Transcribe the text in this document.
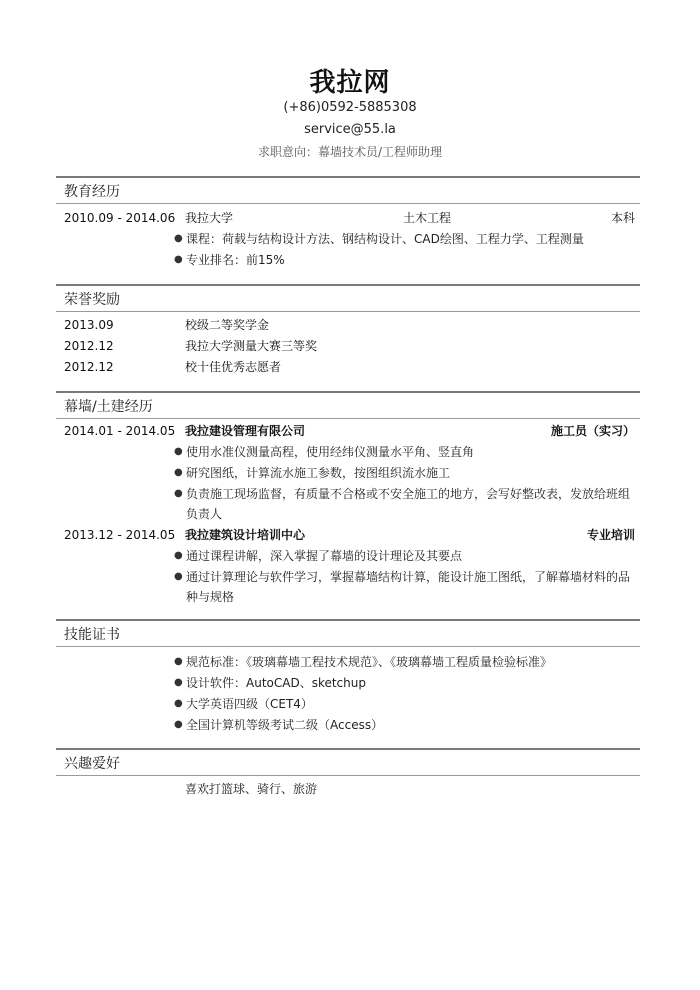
我拉网
(+86)0592-5885308
service@55.la
求职意向：幕墙技术员/工程师助理
教育经历
2010.09 - 2014.06 我拉大学	土木工程	本科
● 课程：荷载与结构设计方法、钢结构设计、CAD绘图、工程力学、工程测量
● 专业排名：前15%
荣誉奖励
2013.09	校级二等奖学金
2012.12	我拉大学测量大赛三等奖
2012.12	校十佳优秀志愿者
幕墙/土建经历
2014.01 - 2014.05 我拉建设管理有限公司	施工员（实习）
● 使用水准仪测量高程，使用经纬仪测量水平角、竖直角
● 研究图纸，计算流水施工参数，按图组织流水施工
● 负责施工现场监督，有质量不合格或不安全施工的地方，会写好整改表，发放给班组负责人
2013.12 - 2014.05 我拉建筑设计培训中心	专业培训
● 通过课程讲解，深入掌握了幕墙的设计理论及其要点
● 通过计算理论与软件学习，掌握幕墙结构计算，能设计施工图纸，了解幕墙材料的品种与规格
技能证书
● 规范标准：《玻璃幕墙工程技术规范》、《玻璃幕墙工程质量检验标准》
● 设计软件：AutoCAD、sketchup
● 大学英语四级（CET4）
● 全国计算机等级考试二级（Access）
兴趣爱好
喜欢打篮球、骑行、旅游
